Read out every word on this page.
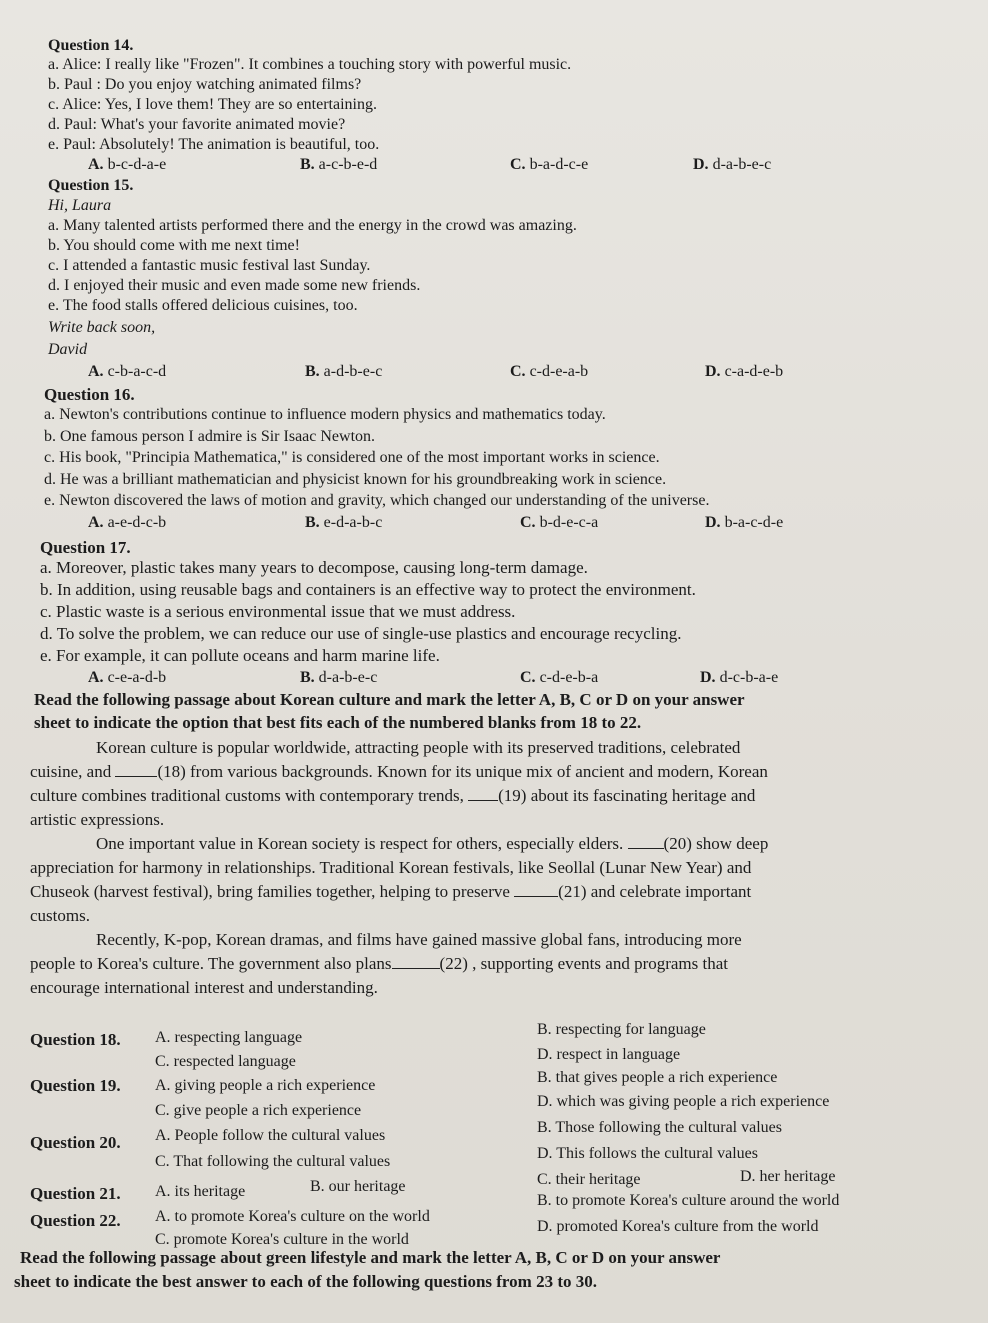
Question 14.
a. Alice: I really like "Frozen". It combines a touching story with powerful music.
b. Paul : Do you enjoy watching animated films?
c. Alice: Yes, I love them! They are so entertaining.
d. Paul: What's your favorite animated movie?
e. Paul: Absolutely! The animation is beautiful, too.
A. b-c-d-a-e	B. a-c-b-e-d	C. b-a-d-c-e	D. d-a-b-e-c
Question 15.
Hi, Laura
a. Many talented artists performed there and the energy in the crowd was amazing.
b. You should come with me next time!
c. I attended a fantastic music festival last Sunday.
d. I enjoyed their music and even made some new friends.
e. The food stalls offered delicious cuisines, too.
Write back soon,
David
A. c-b-a-c-d	B. a-d-b-e-c	C. c-d-e-a-b	D. c-a-d-e-b
Question 16.
a. Newton's contributions continue to influence modern physics and mathematics today.
b. One famous person I admire is Sir Isaac Newton.
c. His book, "Principia Mathematica," is considered one of the most important works in science.
d. He was a brilliant mathematician and physicist known for his groundbreaking work in science.
e. Newton discovered the laws of motion and gravity, which changed our understanding of the universe.
A. a-e-d-c-b	B. e-d-a-b-c	C. b-d-e-c-a	D. b-a-c-d-e
Question 17.
a. Moreover, plastic takes many years to decompose, causing long-term damage.
b. In addition, using reusable bags and containers is an effective way to protect the environment.
c. Plastic waste is a serious environmental issue that we must address.
d. To solve the problem, we can reduce our use of single-use plastics and encourage recycling.
e. For example, it can pollute oceans and harm marine life.
A. c-e-a-d-b	B. d-a-b-e-c	C. c-d-e-b-a	D. d-c-b-a-e
Read the following passage about Korean culture and mark the letter A, B, C or D on your answer
sheet to indicate the option that best fits each of the numbered blanks from 18 to 22.
Korean culture is popular worldwide, attracting people with its preserved traditions, celebrated
cuisine, and (18) from various backgrounds. Known for its unique mix of ancient and modern, Korean
culture combines traditional customs with contemporary trends, (19) about its fascinating heritage and
artistic expressions.
One important value in Korean society is respect for others, especially elders. (20) show deep
appreciation for harmony in relationships. Traditional Korean festivals, like Seollal (Lunar New Year) and
Chuseok (harvest festival), bring families together, helping to preserve	(21) and celebrate important
customs.
Recently, K-pop, Korean dramas, and films have gained massive global fans, introducing more
people to Korea's culture. The government also plans	(22) , supporting events and programs that
encourage international interest and understanding.
Question 18. A. respecting language	B. respecting for language
C. respected language	D. respect in language
Question 19. A. giving people a rich experience	B. that gives people a rich experience
C. give people a rich experience
D. which was giving people a rich experience
Question 20. A. People follow the cultural values	B. Those following the cultural values
C. That following the cultural values	D. This follows the cultural values
Question 21. A. its heritage	B. our heritage	C. their heritage	D. her heritage
Question 22. A. to promote Korea's culture on the world
B. to promote Korea's culture around the world
C. promote Korea's culture in the world
D. promoted Korea's culture from the world
Read the following passage about green lifestyle and mark the letter A, B, C or D on your answer
sheet to indicate the best answer to each of the following questions from 23 to 30.
